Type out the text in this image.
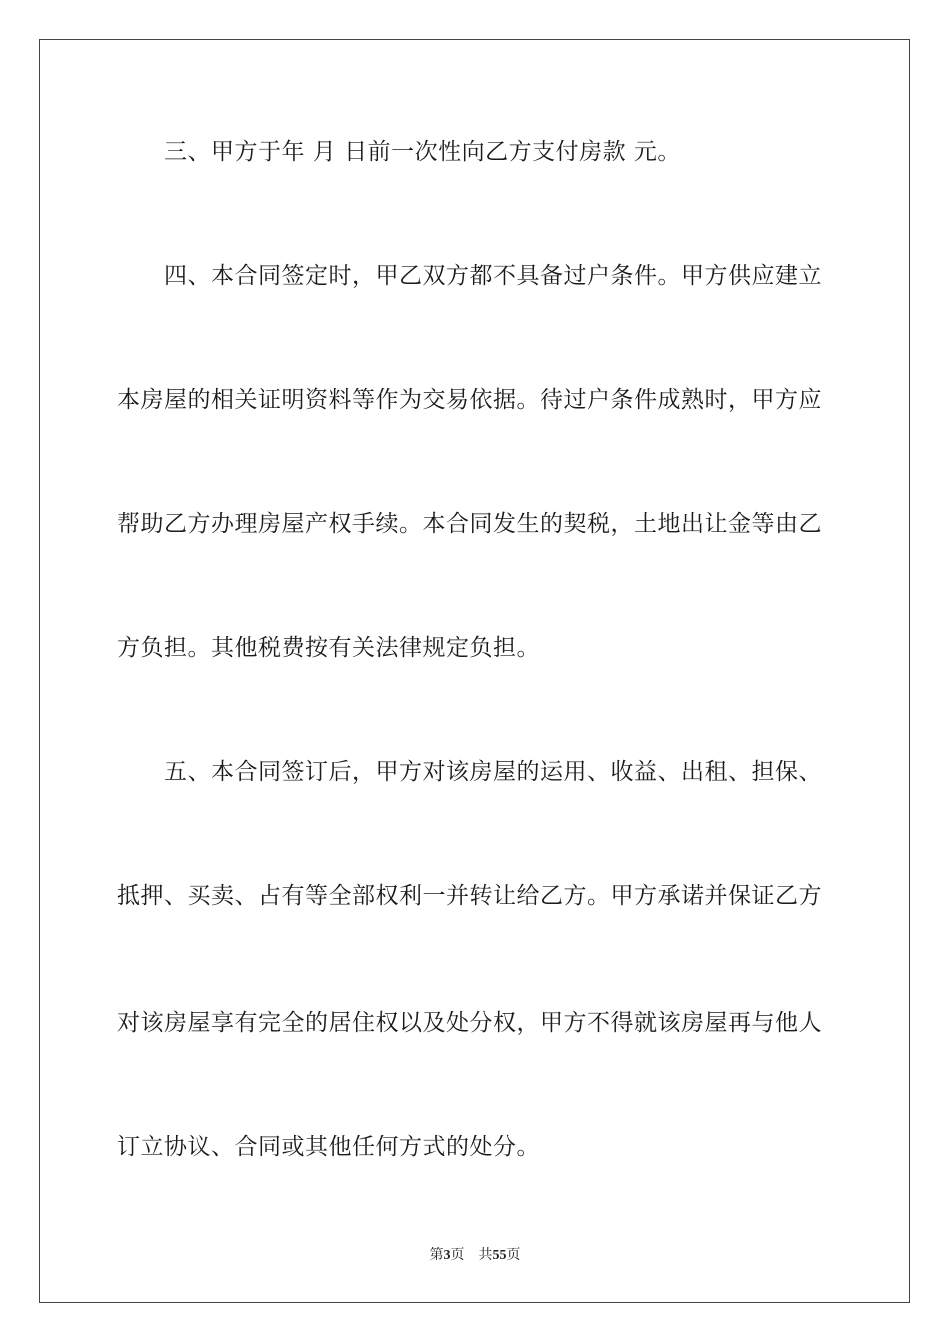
三、甲方于年 月 日前一次性向乙方支付房款 元。
四、本合同签定时，甲乙双方都不具备过户条件。甲方供应建立
本房屋的相关证明资料等作为交易依据。待过户条件成熟时，甲方应
帮助乙方办理房屋产权手续。本合同发生的契税，土地出让金等由乙
方负担。其他税费按有关法律规定负担。
五、本合同签订后，甲方对该房屋的运用、收益、出租、担保、
抵押、买卖、占有等全部权利一并转让给乙方。甲方承诺并保证乙方
对该房屋享有完全的居住权以及处分权，甲方不得就该房屋再与他人
订立协议、合同或其他任何方式的处分。
第3页 共55页
